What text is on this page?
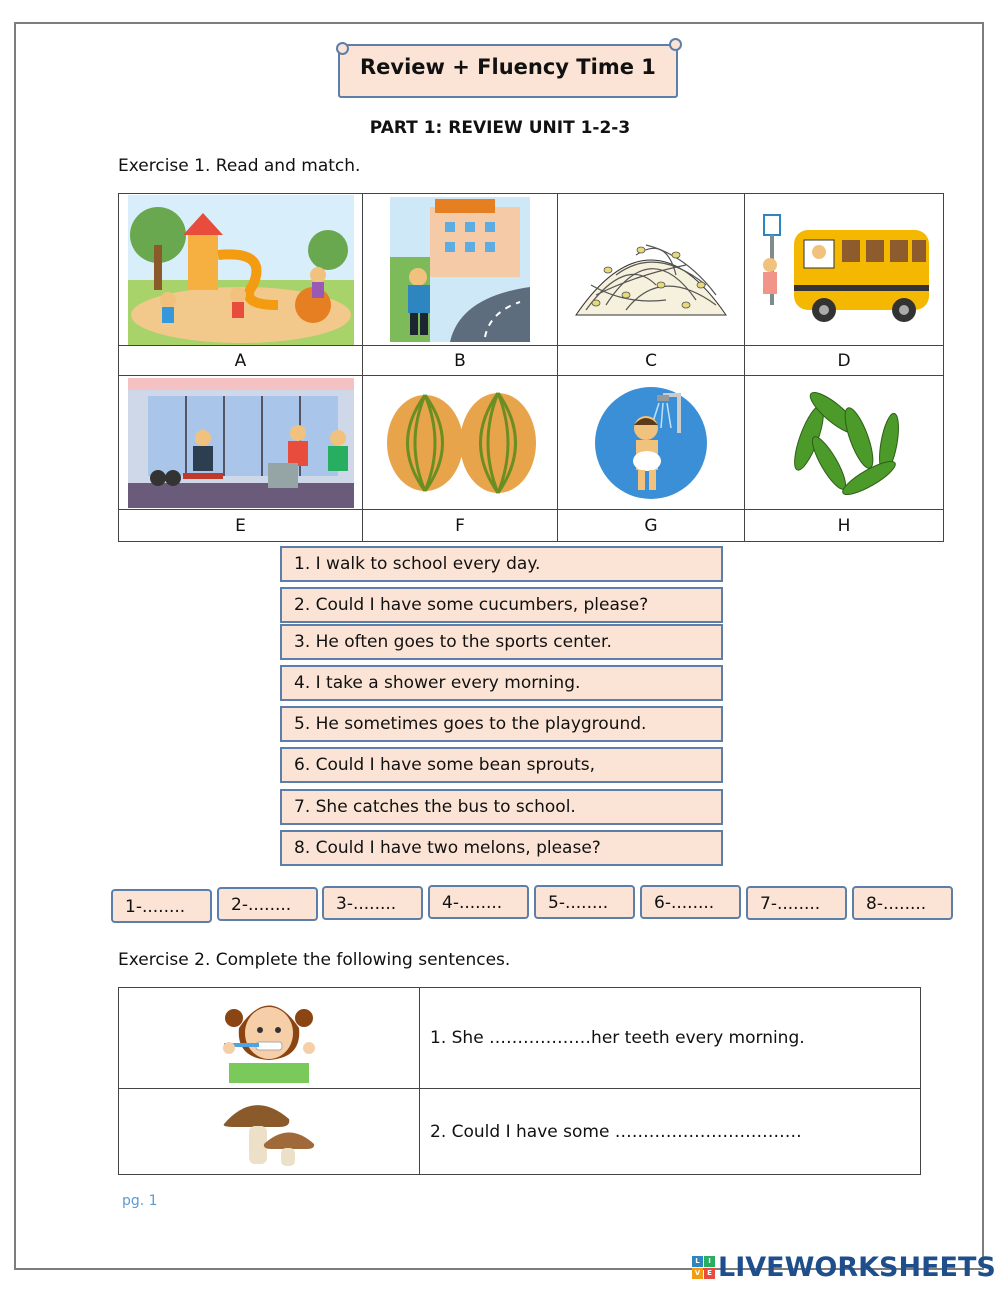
Review + Fluency Time 1
PART 1: REVIEW UNIT 1-2-3
Exercise 1. Read and match.

A	B	C	D

E	F	G	H
1. I walk to school every day.
2. Could I have some cucumbers, please?
3. He often goes to the sports center.
4. I take a shower every morning.
5. He sometimes goes to the playground.
6. Could I have some bean sprouts,
7. She catches the bus to school.
8. Could I have two melons, please?
1-........	2-........	3-........	4-........	5-........	6-........	7-........	8-........
Exercise 2. Complete the following sentences.
	1. She ………………her teeth every morning.

	2. Could I have some ……………………………
pg. 1
L	I
V E LIVEWORKSHEETS
